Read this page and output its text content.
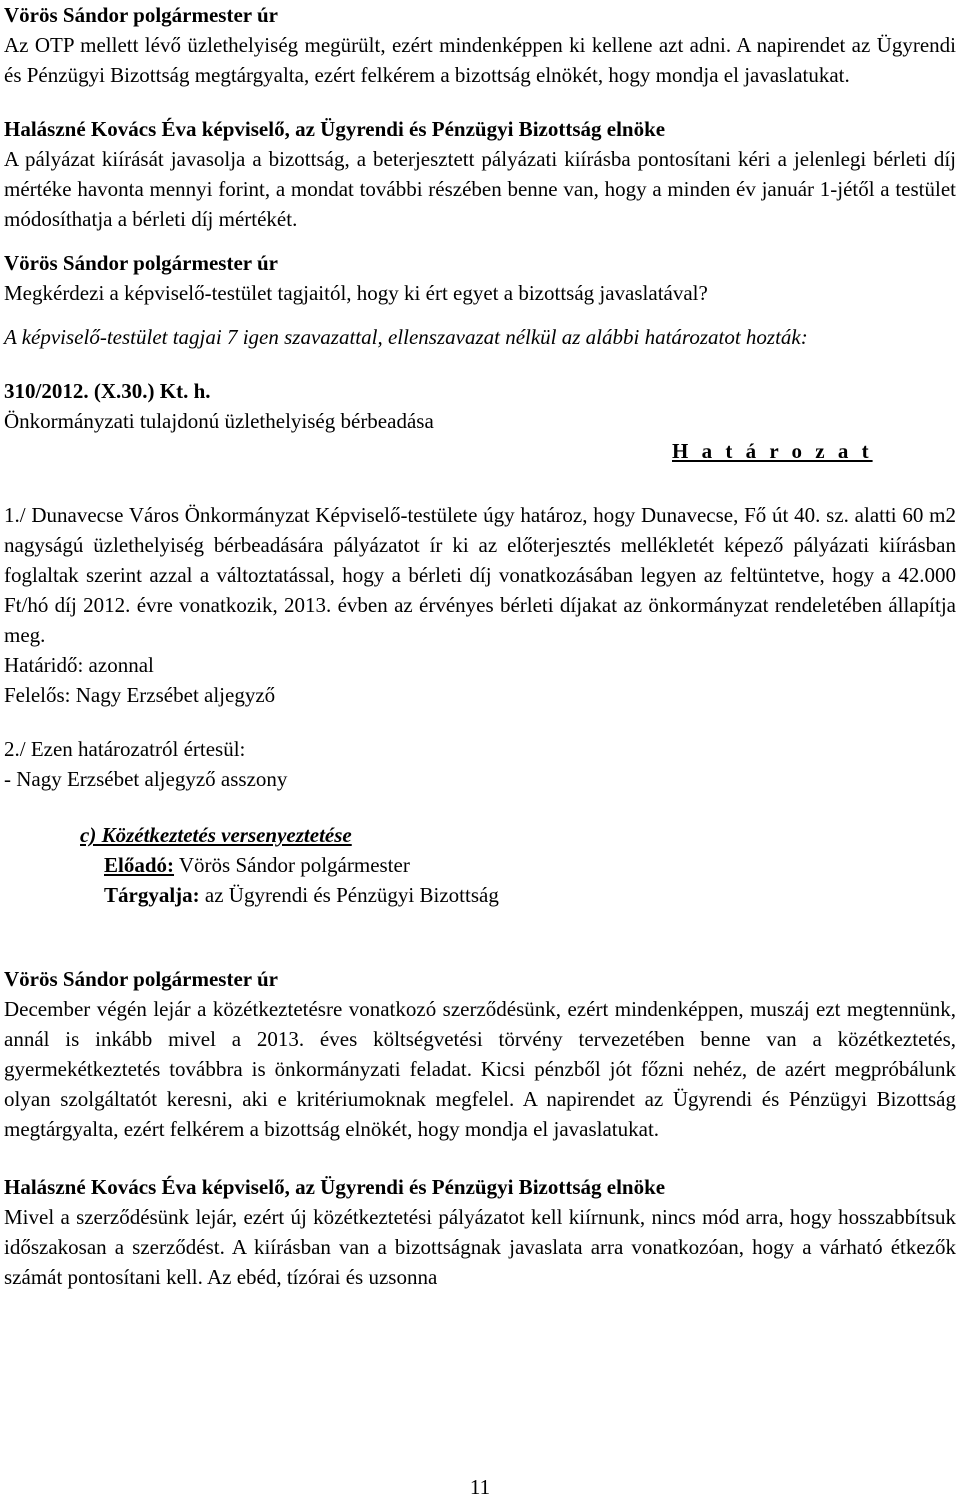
Vörös Sándor polgármester úr

Az OTP mellett lévő üzlethelyiség megürült, ezért mindenképpen ki kellene azt adni. A napirendet az Ügyrendi és Pénzügyi Bizottság megtárgyalta, ezért felkérem a bizottság elnökét, hogy mondja el javaslatukat.

Halászné Kovács Éva képviselő, az Ügyrendi és Pénzügyi Bizottság elnöke

A pályázat kiírását javasolja a bizottság, a beterjesztett pályázati kiírásba pontosítani kéri a jelenlegi bérleti díj mértéke havonta mennyi forint, a mondat további részében benne van, hogy a minden év január 1-jétől a testület módosíthatja a bérleti díj mértékét.

Vörös Sándor polgármester úr

Megkérdezi a képviselő-testület tagjaitól, hogy ki ért egyet a bizottság javaslatával?

A képviselő-testület tagjai 7 igen szavazattal, ellenszavazat nélkül az alábbi határozatot hozták:

310/2012. (X.30.) Kt. h.
Önkormányzati tulajdonú üzlethelyiség bérbeadása
H a t á r o z a t

1./ Dunavecse Város Önkormányzat Képviselő-testülete úgy határoz, hogy Dunavecse, Fő út 40. sz. alatti 60 m2 nagyságú üzlethelyiség bérbeadására pályázatot ír ki az előterjesztés mellékletét képező pályázati kiírásban foglaltak szerint azzal a változtatással, hogy a bérleti díj vonatkozásában legyen az feltüntetve, hogy a 42.000 Ft/hó díj 2012. évre vonatkozik, 2013. évben az érvényes bérleti díjakat az önkormányzat rendeletében állapítja meg.

Határidő: azonnal
Felelős: Nagy Erzsébet aljegyző
2./ Ezen határozatról értesül:
- Nagy Erzsébet aljegyző asszony
c) Közétkeztetés versenyeztetése
Előadó: Vörös Sándor polgármester
Tárgyalja: az Ügyrendi és Pénzügyi Bizottság
Vörös Sándor polgármester úr

December végén lejár a közétkeztetésre vonatkozó szerződésünk, ezért mindenképpen, muszáj ezt megtennünk, annál is inkább mivel a 2013. éves költségvetési törvény tervezetében benne van a közétkeztetés, gyermekétkeztetés továbbra is önkormányzati feladat. Kicsi pénzből jót főzni nehéz, de azért megpróbálunk olyan szolgáltatót keresni, aki e kritériumoknak megfelel. A napirendet az Ügyrendi és Pénzügyi Bizottság megtárgyalta, ezért felkérem a bizottság elnökét, hogy mondja el javaslatukat.

Halászné Kovács Éva képviselő, az Ügyrendi és Pénzügyi Bizottság elnöke

Mivel a szerződésünk lejár, ezért új közétkeztetési pályázatot kell kiírnunk, nincs mód arra, hogy hosszabbítsuk időszakosan a szerződést. A kiírásban van a bizottságnak javaslata arra vonatkozóan, hogy a várható étkezők számát pontosítani kell. Az ebéd, tízórai és uzsonna

11
